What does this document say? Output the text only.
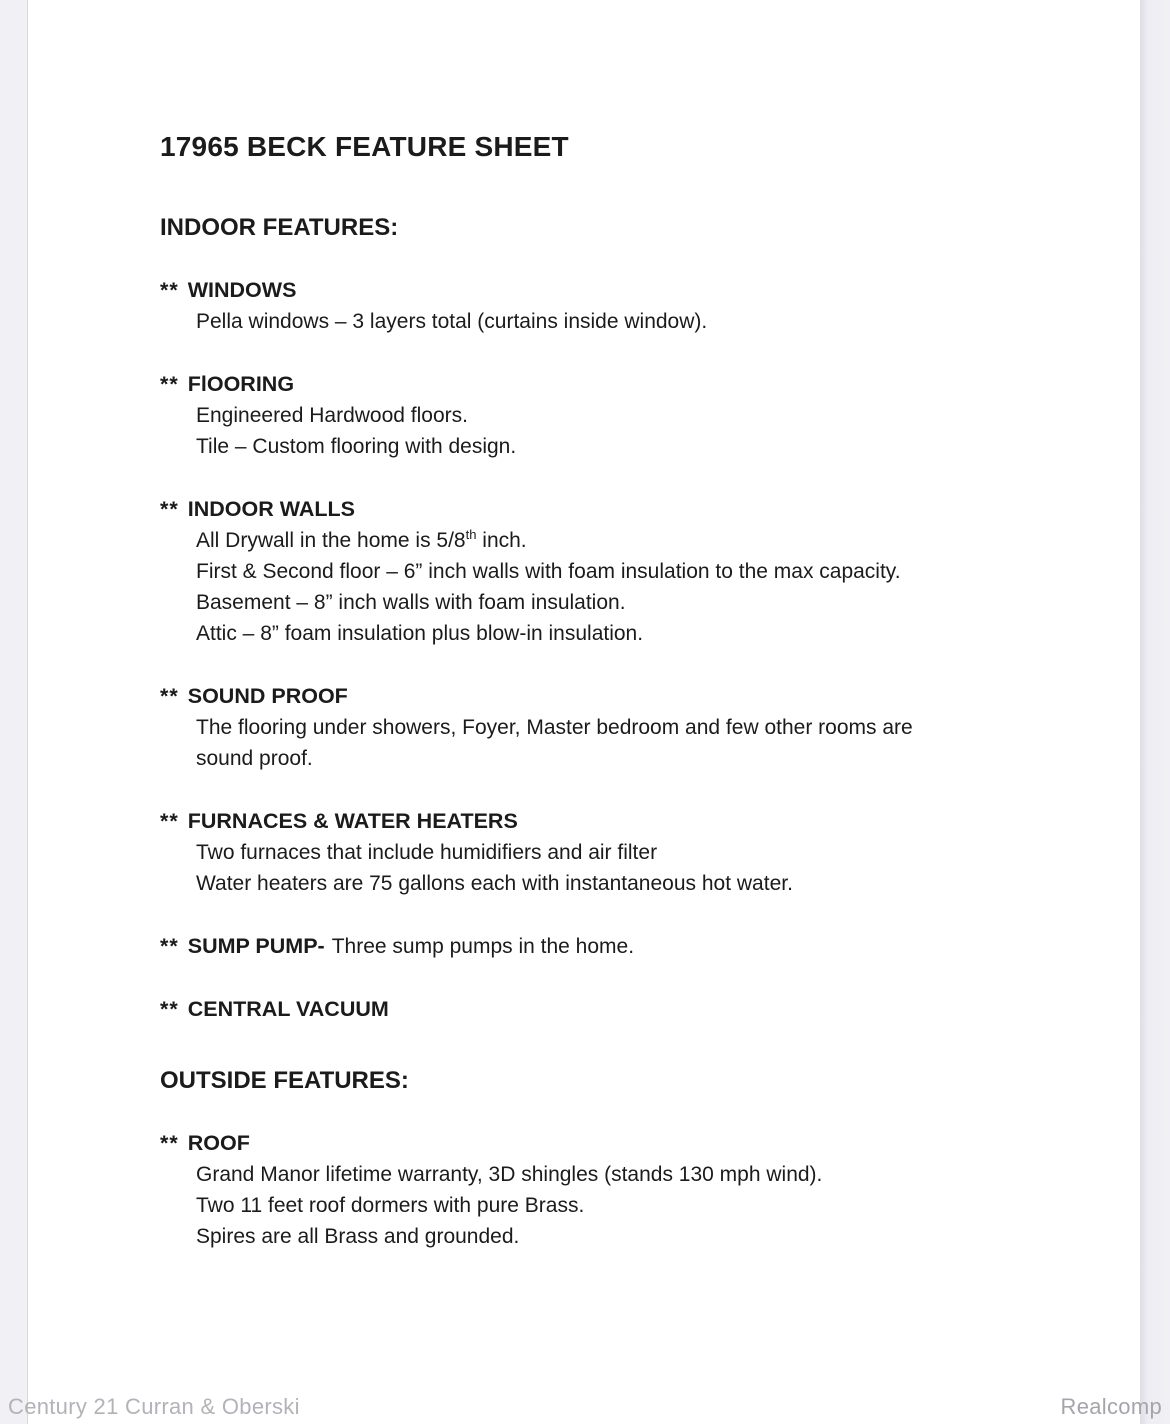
17965 BECK FEATURE SHEET
INDOOR FEATURES:

** WINDOWS

Pella windows – 3 layers total (curtains inside window).

** FlOORING

Engineered Hardwood floors.

Tile – Custom flooring with design.

** INDOOR WALLS

All Drywall in the home is 5/8th inch.

First & Second floor – 6” inch walls with foam insulation to the max capacity.

Basement – 8” inch walls with foam insulation.

Attic – 8” foam insulation plus blow-in insulation.

** SOUND PROOF

The flooring under showers, Foyer, Master bedroom and few other rooms are

sound proof.

** FURNACES & WATER HEATERS

Two furnaces that include humidifiers and air filter

Water heaters are 75 gallons each with instantaneous hot water.

** SUMP PUMP- Three sump pumps in the home.

** CENTRAL VACUUM

OUTSIDE FEATURES:

** ROOF

Grand Manor lifetime warranty, 3D shingles (stands 130 mph wind).

Two 11 feet roof dormers with pure Brass.

Spires are all Brass and grounded.

Century 21 Curran & Oberski	Realcomp
